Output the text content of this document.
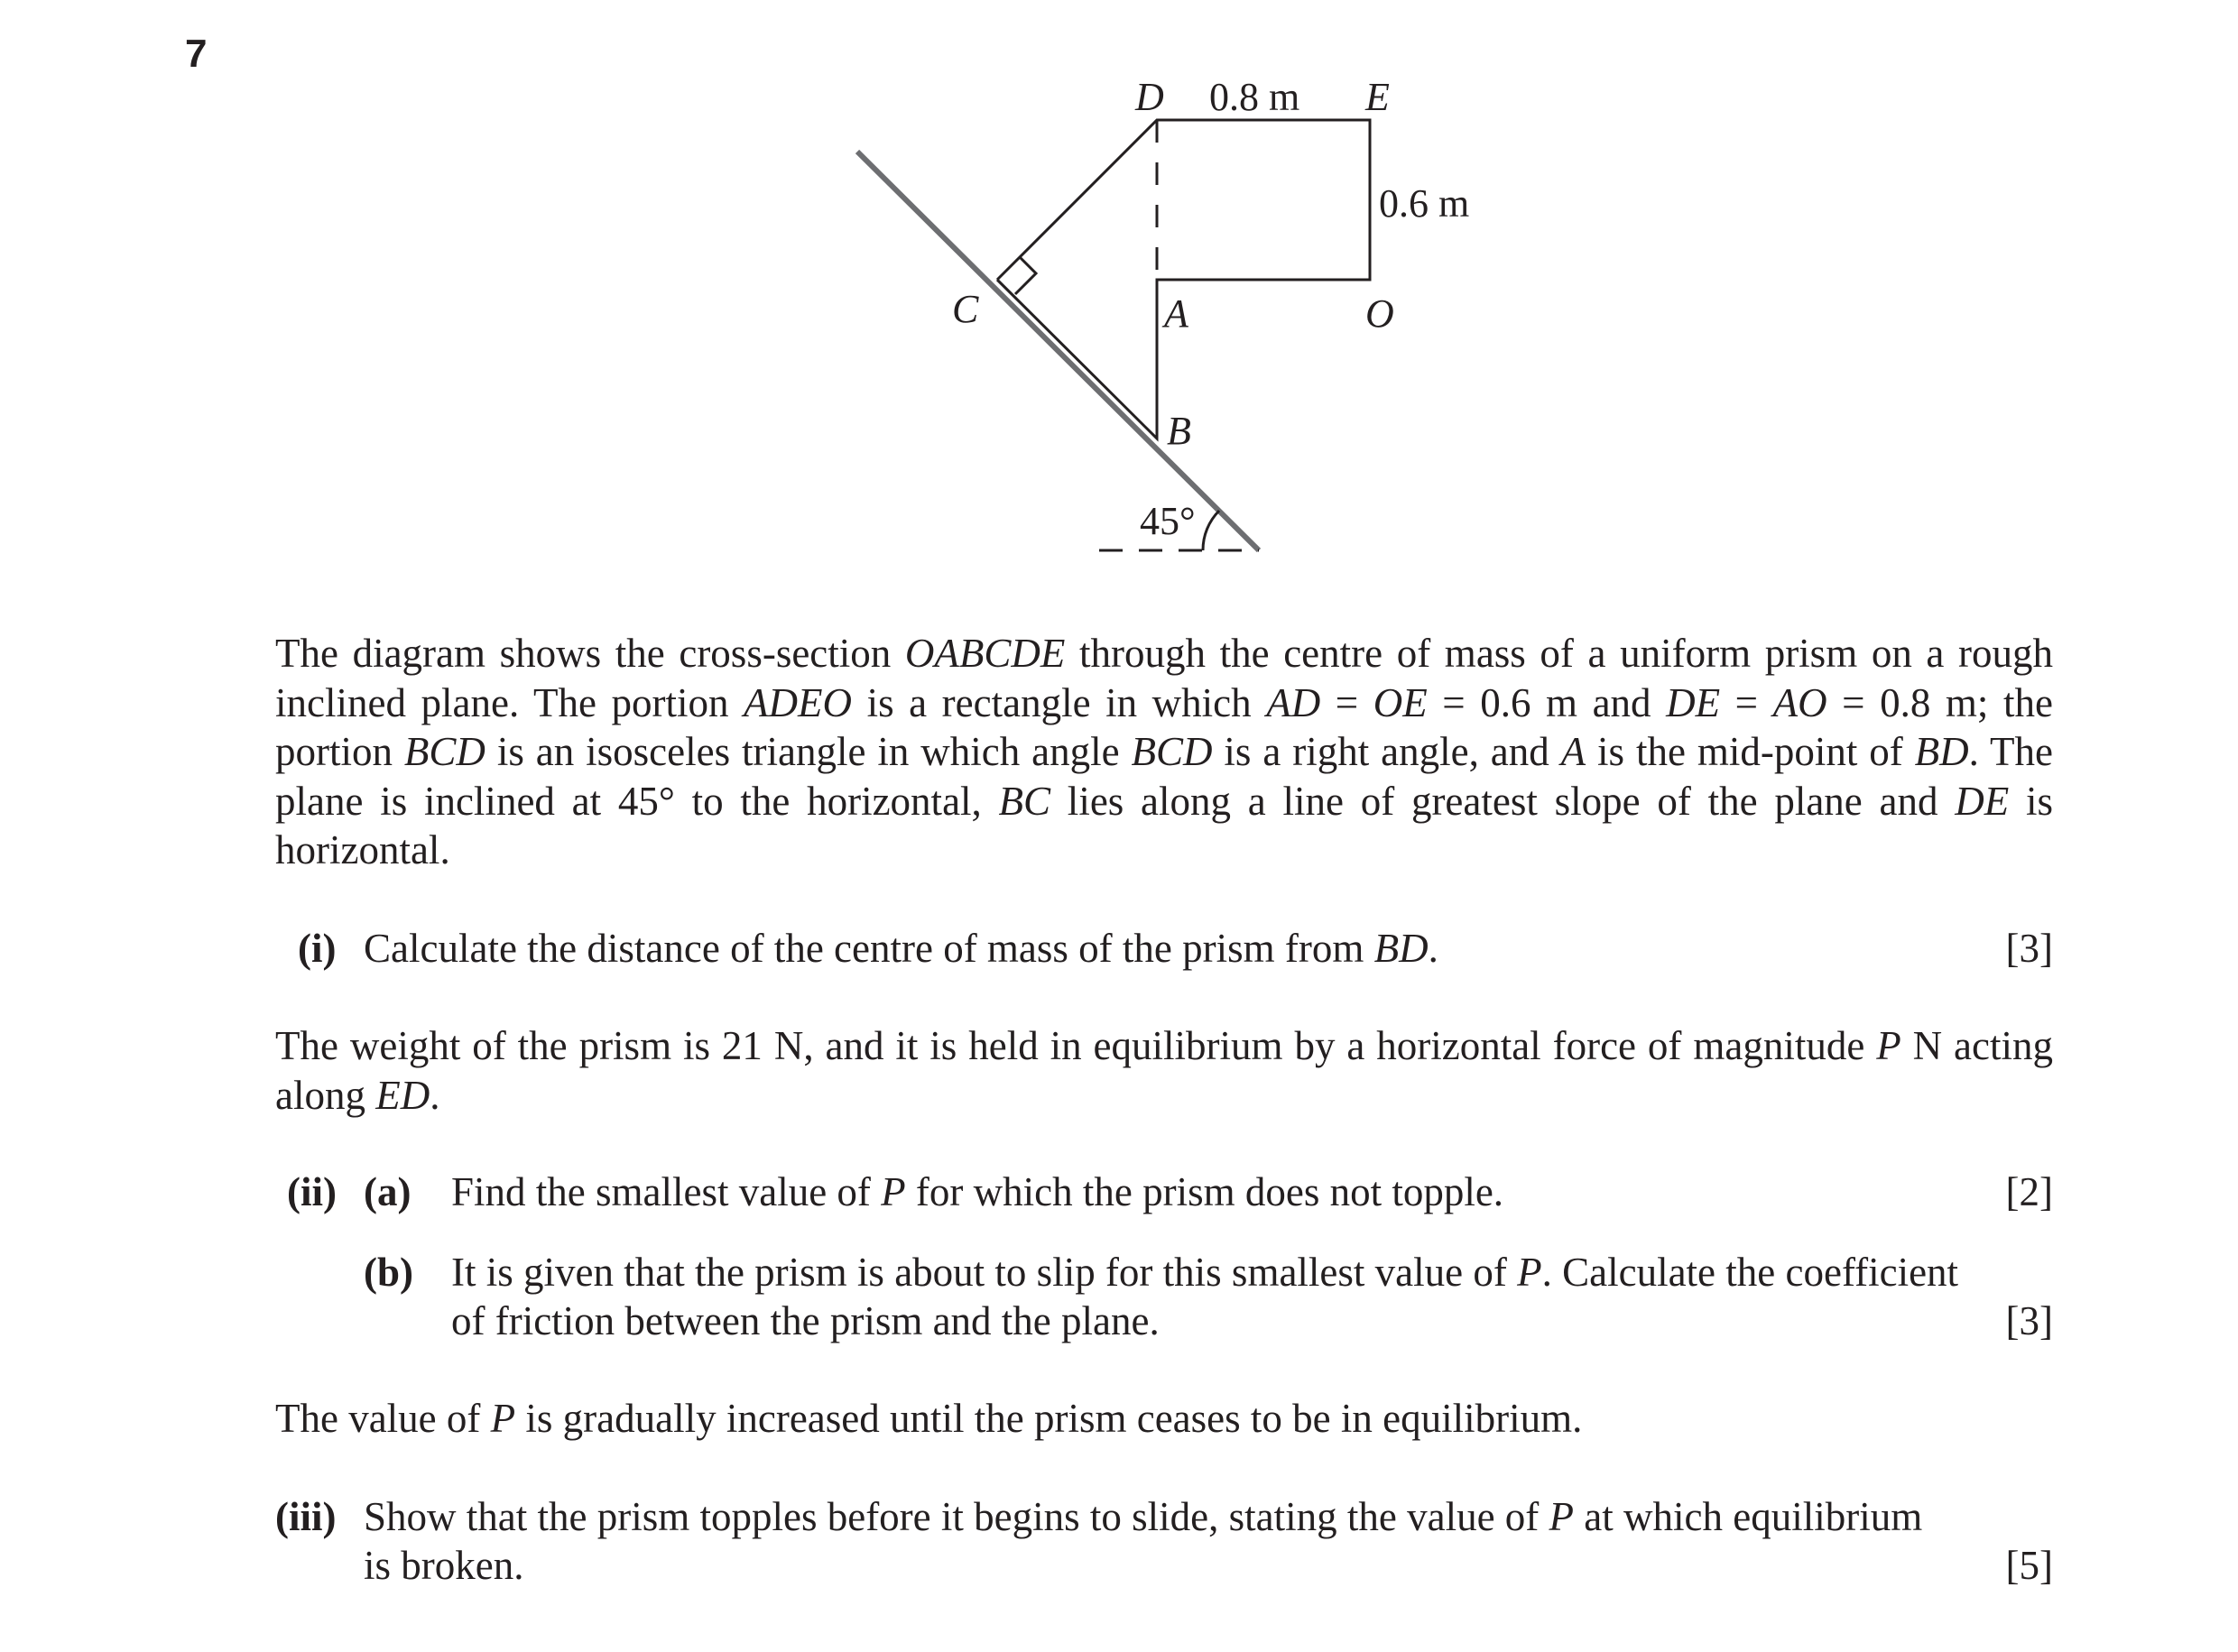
7
D 0.8 m E
0.6 m
C	A	O
B
45°

The diagram shows the cross-section OABCDE through the centre of mass of a uniform prism on a rough inclined plane. The portion ADEO is a rectangle in which AD = OE = 0.6 m and DE = AO = 0.8 m; the portion BCD is an isosceles triangle in which angle BCD is a right angle, and A is the mid-point of BD. The plane is inclined at 45° to the horizontal, BC lies along a line of greatest slope of the plane and DE is horizontal.

(i) Calculate the distance of the centre of mass of the prism from BD.	[3]

The weight of the prism is 21 N, and it is held in equilibrium by a horizontal force of magnitude P N acting along ED.

(ii) (a) Find the smallest value of P for which the prism does not topple.	[2]
(b) It is given that the prism is about to slip for this smallest value of P. Calculate the coefficient
of friction between the prism and the plane.	[3]

The value of P is gradually increased until the prism ceases to be in equilibrium.

(iii) Show that the prism topples before it begins to slide, stating the value of P at which equilibrium
is broken.	[5]
